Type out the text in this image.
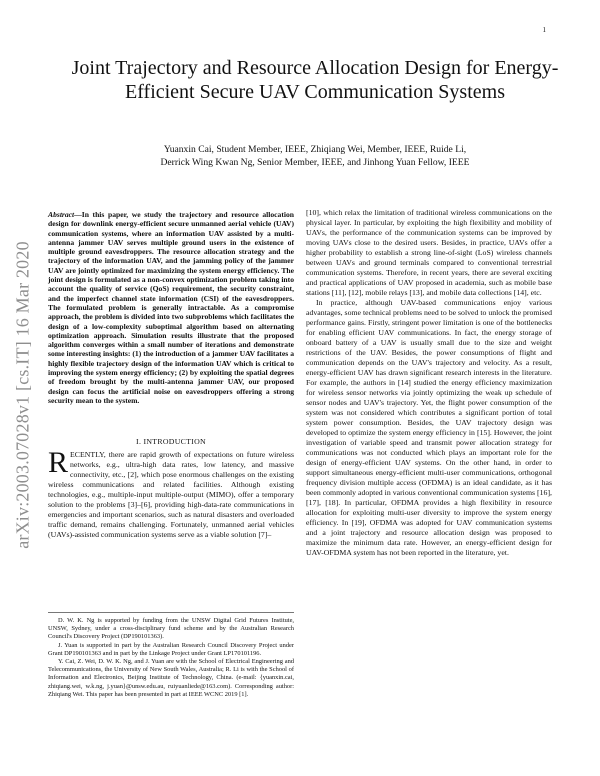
1
arXiv:2003.07028v1 [cs.IT] 16 Mar 2020
Joint Trajectory and Resource Allocation Design for Energy-Efficient Secure UAV Communication Systems
Yuanxin Cai, Student Member, IEEE, Zhiqiang Wei, Member, IEEE, Ruide Li,
Derrick Wing Kwan Ng, Senior Member, IEEE, and Jinhong Yuan Fellow, IEEE
Abstract—In this paper, we study the trajectory and resource allocation design for downlink energy-efficient secure unmanned aerial vehicle (UAV) communication systems, where an information UAV assisted by a multi-antenna jammer UAV serves multiple ground users in the existence of multiple ground eavesdroppers. The resource allocation strategy and the trajectory of the information UAV, and the jamming policy of the jammer UAV are jointly optimized for maximizing the system energy efficiency. The joint design is formulated as a non-convex optimization problem taking into account the quality of service (QoS) requirement, the security constraint, and the imperfect channel state information (CSI) of the eavesdroppers. The formulated problem is generally intractable. As a compromise approach, the problem is divided into two subproblems which facilitates the design of a low-complexity suboptimal algorithm based on alternating optimization approach. Simulation results illustrate that the proposed algorithm converges within a small number of iterations and demonstrate some interesting insights: (1) the introduction of a jammer UAV facilitates a highly flexible trajectory design of the information UAV which is critical to improving the system energy efficiency; (2) by exploiting the spatial degrees of freedom brought by the multi-antenna jammer UAV, our proposed design can focus the artificial noise on eavesdroppers offering a strong security mean to the system.
I. INTRODUCTION
RECENTLY, there are rapid growth of expectations on future wireless networks, e.g., ultra-high data rates, low latency, and massive connectivity, etc., [2], which pose enormous challenges on the existing wireless communications and related facilities. Although existing technologies, e.g., multiple-input multiple-output (MIMO), offer a temporary solution to the problems [3]–[6], providing high-data-rate communications in emergencies and important scenarios, such as natural disasters and overloaded traffic demand, remains challenging. Fortunately, unmanned aerial vehicles (UAVs)-assisted communication systems serve as a viable solution [7]–

D. W. K. Ng is supported by funding from the UNSW Digital Grid Futures Institute, UNSW, Sydney, under a cross-disciplinary fund scheme and by the Australian Research Council's Discovery Project (DP190101363).

J. Yuan is supported in part by the Australian Research Council Discovery Project under Grant DP190101363 and in part by the Linkage Project under Grant LP170101196.

Y. Cai, Z. Wei, D. W. K. Ng, and J. Yuan are with the School of Electrical Engineering and Telecommunications, the University of New South Wales, Australia; R. Li is with the School of Information and Electronics, Beijing Institute of Technology, China. (e-mail: {yuanxin.cai, zhiqiang.wei, w.k.ng, j.yuan}@unsw.edu.au, ruiyuanliede@163.com). Corresponding author: Zhiqiang Wei. This paper has been presented in part at IEEE WCNC 2019 [1].

[10], which relax the limitation of traditional wireless communications on the physical layer. In particular, by exploiting the high flexibility and mobility of UAVs, the performance of the communication systems can be improved by moving UAVs close to the desired users. Besides, in practice, UAVs offer a higher probability to establish a strong line-of-sight (LoS) wireless channels between UAVs and ground terminals compared to conventional terrestrial communication systems. Therefore, in recent years, there are several exciting and practical applications of UAV proposed in academia, such as mobile base stations [11], [12], mobile relays [13], and mobile data collections [14], etc.

In practice, although UAV-based communications enjoy various advantages, some technical problems need to be solved to unlock the promised performance gains. Firstly, stringent power limitation is one of the bottlenecks for enabling efficient UAV communications. In fact, the energy storage of onboard battery of a UAV is usually small due to the size and weight restrictions of the UAV. Besides, the power consumptions of flight and communication depends on the UAV's trajectory and velocity. As a result, energy-efficient UAV has drawn significant research interests in the literature. For example, the authors in [14] studied the energy efficiency maximization for wireless sensor networks via jointly optimizing the weak up schedule of sensor nodes and UAV's trajectory. Yet, the flight power consumption of the system was not considered which contributes a significant portion of total system power consumption. Besides, the UAV trajectory design was developed to optimize the system energy efficiency in [15]. However, the joint investigation of variable speed and transmit power allocation strategy for communications was not conducted which plays an important role for the design of energy-efficient UAV systems. On the other hand, in order to support simultaneous energy-efficient multi-user communications, orthogonal frequency division multiple access (OFDMA) is an ideal candidate, as it has been commonly adopted in various conventional communication systems [16], [17], [18]. In particular, OFDMA provides a high flexibility in resource allocation for exploiting multi-user diversity to improve the system energy efficiency. In [19], OFDMA was adopted for UAV communication systems and a joint trajectory and resource allocation design was proposed to maximize the minimum data rate. However, an energy-efficient design for UAV-OFDMA system has not been reported in the literature, yet.
